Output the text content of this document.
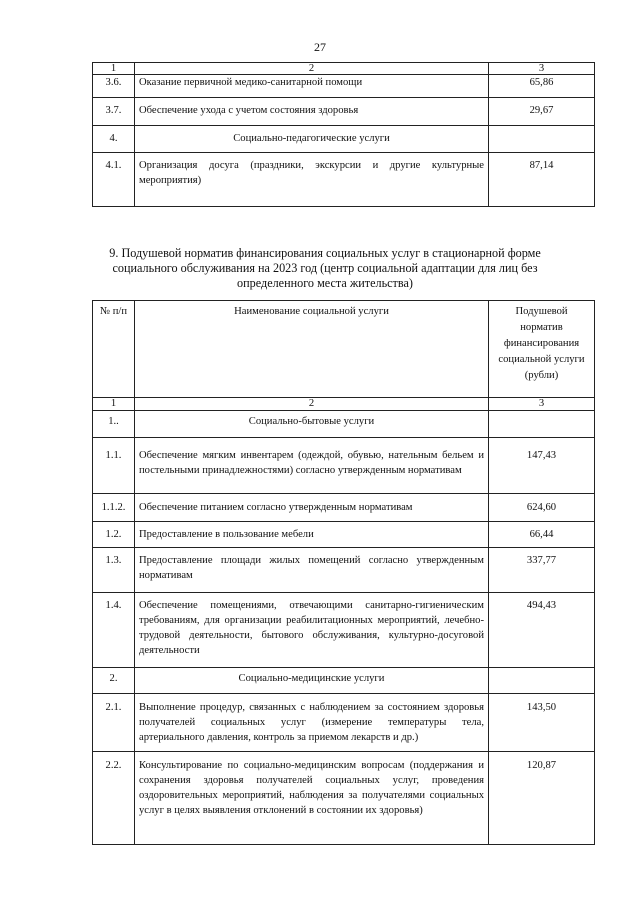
27
1	2	3
3.6.	Оказание первичной медико-санитарной помощи	65,86
3.7.	Обеспечение ухода с учетом состояния здоровья	29,67
4.	Социально-педагогические услуги	
4.1.	Организация досуга (праздники, экскурсии и другие культурные мероприятия)	87,14
9. Подушевой норматив финансирования социальных услуг в стационарной форме социального обслуживания на 2023 год (центр социальной адаптации для лиц без определенного места жительства)
№ п/п	Наименование социальной услуги	Подушевой норматив финансирования социальной услуги (рубли)
1	2	3
1..	Социально-бытовые услуги	
1.1.	Обеспечение мягким инвентарем (одеждой, обувью, нательным бельем и постельными принадлежностями) согласно утвержденным нормативам	147,43
1.1.2.	Обеспечение питанием согласно утвержденным нормативам	624,60
1.2.	Предоставление в пользование мебели	66,44
1.3.	Предоставление площади жилых помещений согласно утвержденным нормативам	337,77
1.4.	Обеспечение помещениями, отвечающими санитарно-гигиеническим требованиям, для организации реабилитационных мероприятий, лечебно-трудовой деятельности, бытового обслуживания, культурно-досуговой деятельности	494,43
2.	Социально-медицинские услуги	
2.1.	Выполнение процедур, связанных с наблюдением за состоянием здоровья получателей социальных услуг (измерение температуры тела, артериального давления, контроль за приемом лекарств и др.)	143,50
2.2.	Консультирование по социально-медицинским вопросам (поддержания и сохранения здоровья получателей социальных услуг, проведения оздоровительных мероприятий, наблюдения за получателями социальных услуг в целях выявления отклонений в состоянии их здоровья)	120,87
